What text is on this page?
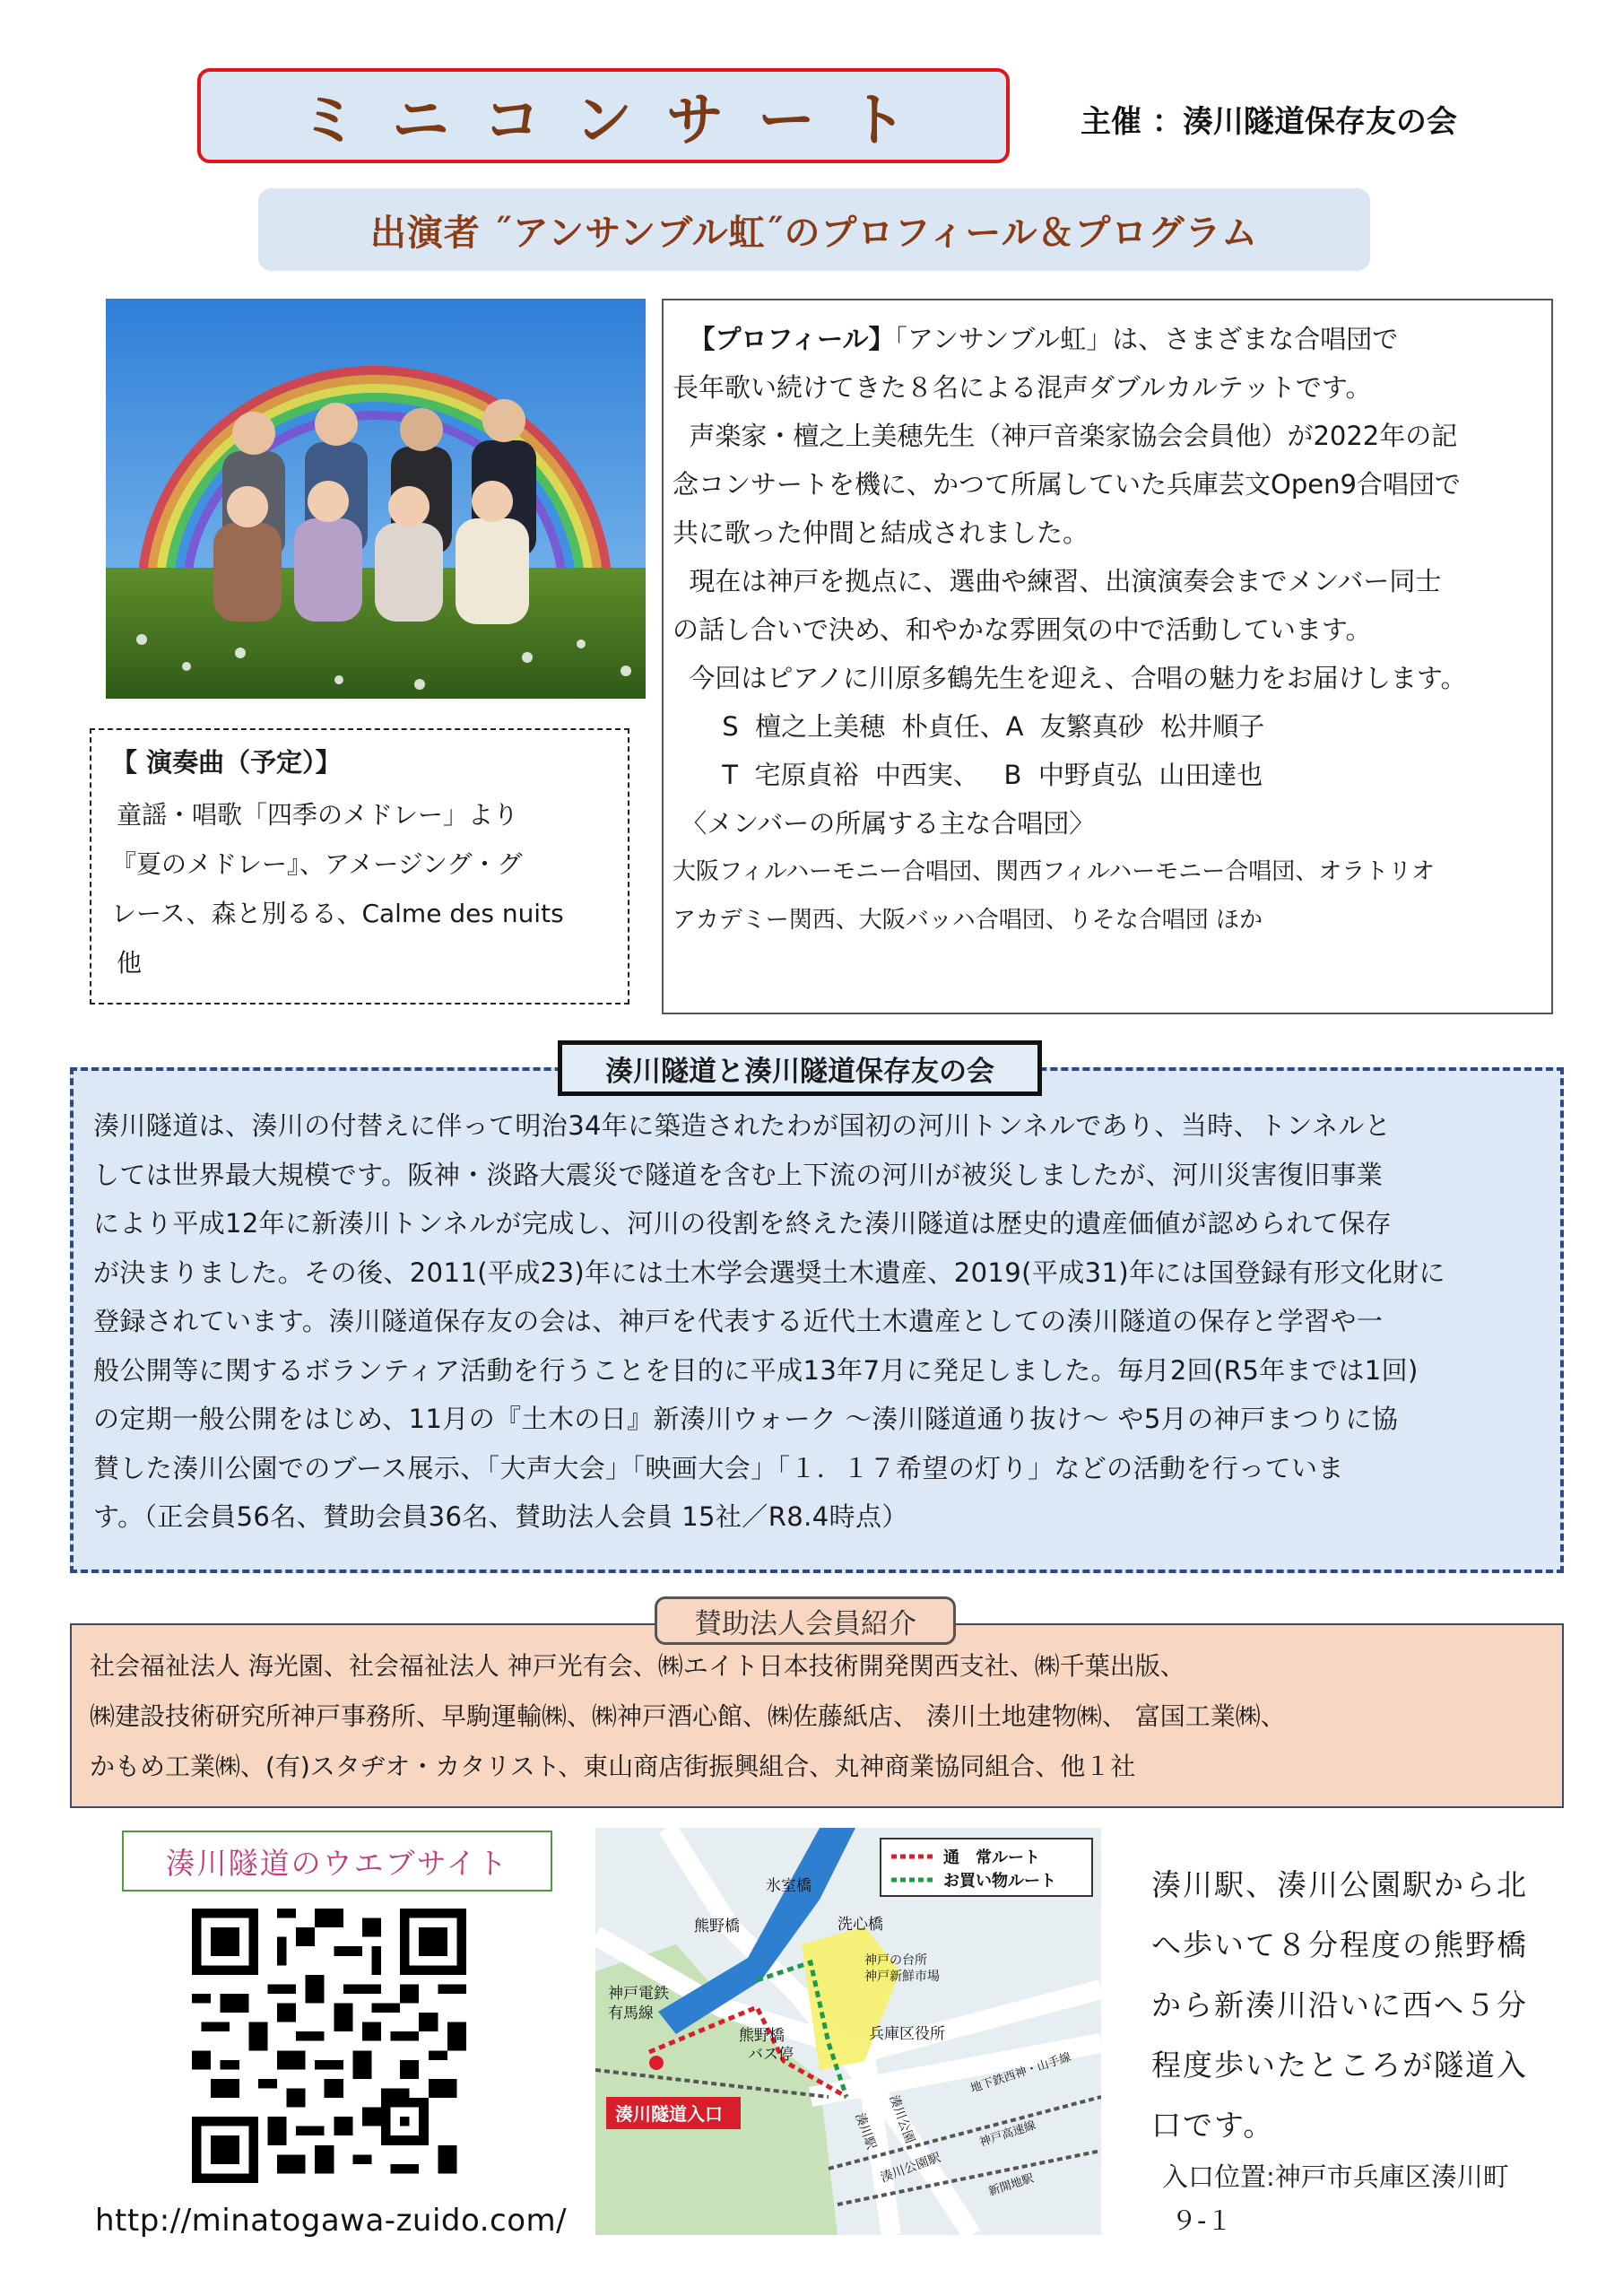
ミニコンサート	主催 ：湊川隧道保存友の会
出演者 ˝アンサンブル虹˝のプロフィール＆プログラム
【 演奏曲（予定）】
童謡・唱歌「四季のメドレー」より
『夏のメドレー』、アメージング・グ
レース、森と別るる、Calme des nuits
他
【プロフィール】「アンサンブル虹」は、さまざまな合唱団で
長年歌い続けてきた８名による混声ダブルカルテットです。
声楽家・檀之上美穂先生（神戸音楽家協会会員他）が2022年の記
念コンサートを機に、かつて所属していた兵庫芸文Open9合唱団で
共に歌った仲間と結成されました。
現在は神戸を拠点に、選曲や練習、出演演奏会までメンバー同士
の話し合いで決め、和やかな雰囲気の中で活動しています。
今回はピアノに川原多鶴先生を迎え、合唱の魅力をお届けします。
S  檀之上美穂  朴貞任、A  友繁真砂  松井順子
T  宅原貞裕  中西実、   B  中野貞弘  山田達也
〈メンバーの所属する主な合唱団〉
大阪フィルハーモニー合唱団、関西フィルハーモニー合唱団、オラトリオ
アカデミー関西、大阪バッハ合唱団、りそな合唱団 ほか
湊川隧道は、湊川の付替えに伴って明治34年に築造されたわが国初の河川トンネルであり、当時、トンネルと
しては世界最大規模です。阪神・淡路大震災で隧道を含む上下流の河川が被災しましたが、河川災害復旧事業
により平成12年に新湊川トンネルが完成し、河川の役割を終えた湊川隧道は歴史的遺産価値が認められて保存
が決まりました。その後、2011(平成23)年には土木学会選奨土木遺産、2019(平成31)年には国登録有形文化財に
登録されています。湊川隧道保存友の会は、神戸を代表する近代土木遺産としての湊川隧道の保存と学習や一
般公開等に関するボランティア活動を行うことを目的に平成13年7月に発足しました。毎月2回(R5年までは1回)
の定期一般公開をはじめ、11月の『土木の日』新湊川ウォーク ～湊川隧道通り抜け～ や5月の神戸まつりに協
賛した湊川公園でのブース展示、「大声大会」「映画大会」「１．１７希望の灯り」などの活動を行っていま
す。（正会員56名、賛助会員36名、賛助法人会員 15社／R8.4時点）
湊川隧道と湊川隧道保存友の会
社会福祉法人 海光園、社会福祉法人 神戸光有会、㈱エイト日本技術開発関西支社、㈱千葉出版、
㈱建設技術研究所神戸事務所、早駒運輸㈱、㈱神戸酒心館、㈱佐藤紙店、 湊川土地建物㈱、 富国工業㈱、
かもめ工業㈱、(有)スタヂオ・カタリスト、東山商店街振興組合、丸神商業協同組合、他１社
賛助法人会員紹介
湊川隧道のウエブサイト
http://minatogawa-zuido.com/
通　常ルート
お買い物ルート
氷室橋
熊野橋	洗心橋
神戸電鉄
有馬線
神戸の台所
神戸新鮮市場
兵庫区役所
熊野橋
バス停
湊川駅 湊川公園
湊川公園駅
地下鉄西神・山手線
神戸高速線
新開地駅
湊川隧道入口
湊川駅、湊川公園駅から北
へ歩いて８分程度の熊野橋
から新湊川沿いに西へ５分
程度歩いたところが隧道入
口です。
入口位置:神戸市兵庫区湊川町
９-１
